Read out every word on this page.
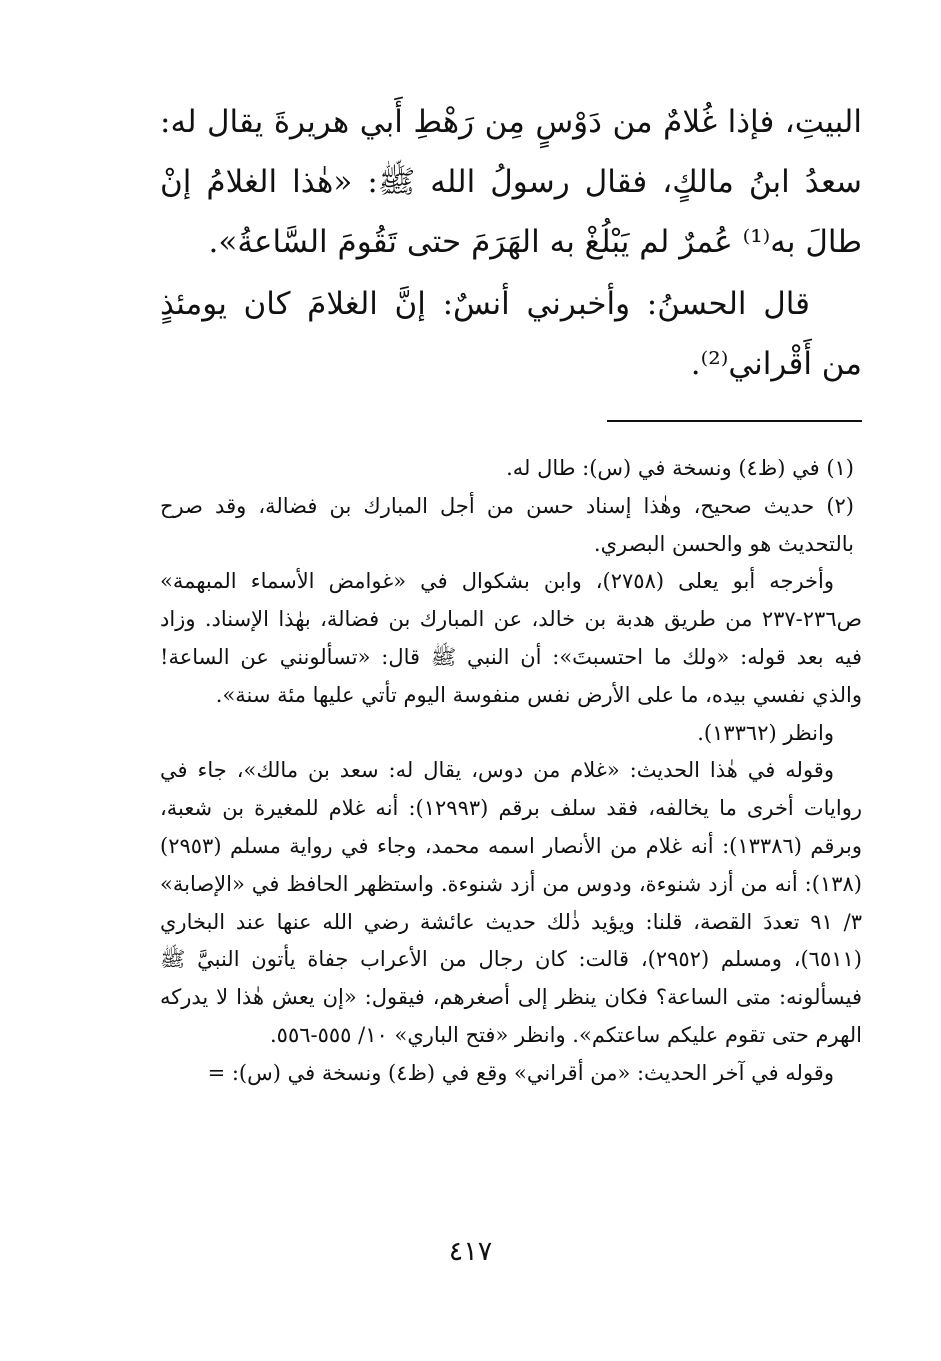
البيتِ، فإذا غُلامٌ من دَوْسٍ مِن رَهْطِ أَبي هريرةَ يقال له: سعدُ ابنُ مالكٍ، فقال رسولُ الله ﷺ: «هٰذا الغلامُ إنْ طالَ به⁽¹⁾ عُمرٌ لم يَبْلُغْ به الهَرَمَ حتى تَقُومَ السَّاعةُ».

قال الحسنُ: وأخبرني أنسٌ: إنَّ الغلامَ كان يومئذٍ من أَقْراني⁽²⁾.

(١) في (ظ٤) ونسخة في (س): طال له.

(٢) حديث صحيح، وهٰذا إسناد حسن من أجل المبارك بن فضالة، وقد صرح بالتحديث هو والحسن البصري.

وأخرجه أبو يعلى (٢٧٥٨)، وابن بشكوال في «غوامض الأسماء المبهمة» ص٢٣٦-٢٣٧ من طريق هدبة بن خالد، عن المبارك بن فضالة، بهٰذا الإسناد. وزاد فيه بعد قوله: «ولك ما احتسبتَ»: أن النبي ﷺ قال: «تسألونني عن الساعة! والذي نفسي بيده، ما على الأرض نفس منفوسة اليوم تأتي عليها مئة سنة».

وانظر (١٣٣٦٢).

وقوله في هٰذا الحديث: «غلام من دوس، يقال له: سعد بن مالك»، جاء في روايات أخرى ما يخالفه، فقد سلف برقم (١٢٩٩٣): أنه غلام للمغيرة بن شعبة، وبرقم (١٣٣٨٦): أنه غلام من الأنصار اسمه محمد، وجاء في رواية مسلم (٢٩٥٣) (١٣٨): أنه من أزد شنوءة، ودوس من أزد شنوءة. واستظهر الحافظ في «الإصابة» ٣/ ٩١ تعددَ القصة، قلنا: ويؤيد ذٰلك حديث عائشة رضي الله عنها عند البخاري (٦٥١١)، ومسلم (٢٩٥٢)، قالت: كان رجال من الأعراب جفاة يأتون النبيَّ ﷺ فيسألونه: متى الساعة؟ فكان ينظر إلى أصغرهم، فيقول: «إن يعش هٰذا لا يدركه الهرم حتى تقوم عليكم ساعتكم». وانظر «فتح الباري» ١٠/ ٥٥٥-٥٥٦.

وقوله في آخر الحديث: «من أقراني» وقع في (ظ٤) ونسخة في (س): =

٤١٧
